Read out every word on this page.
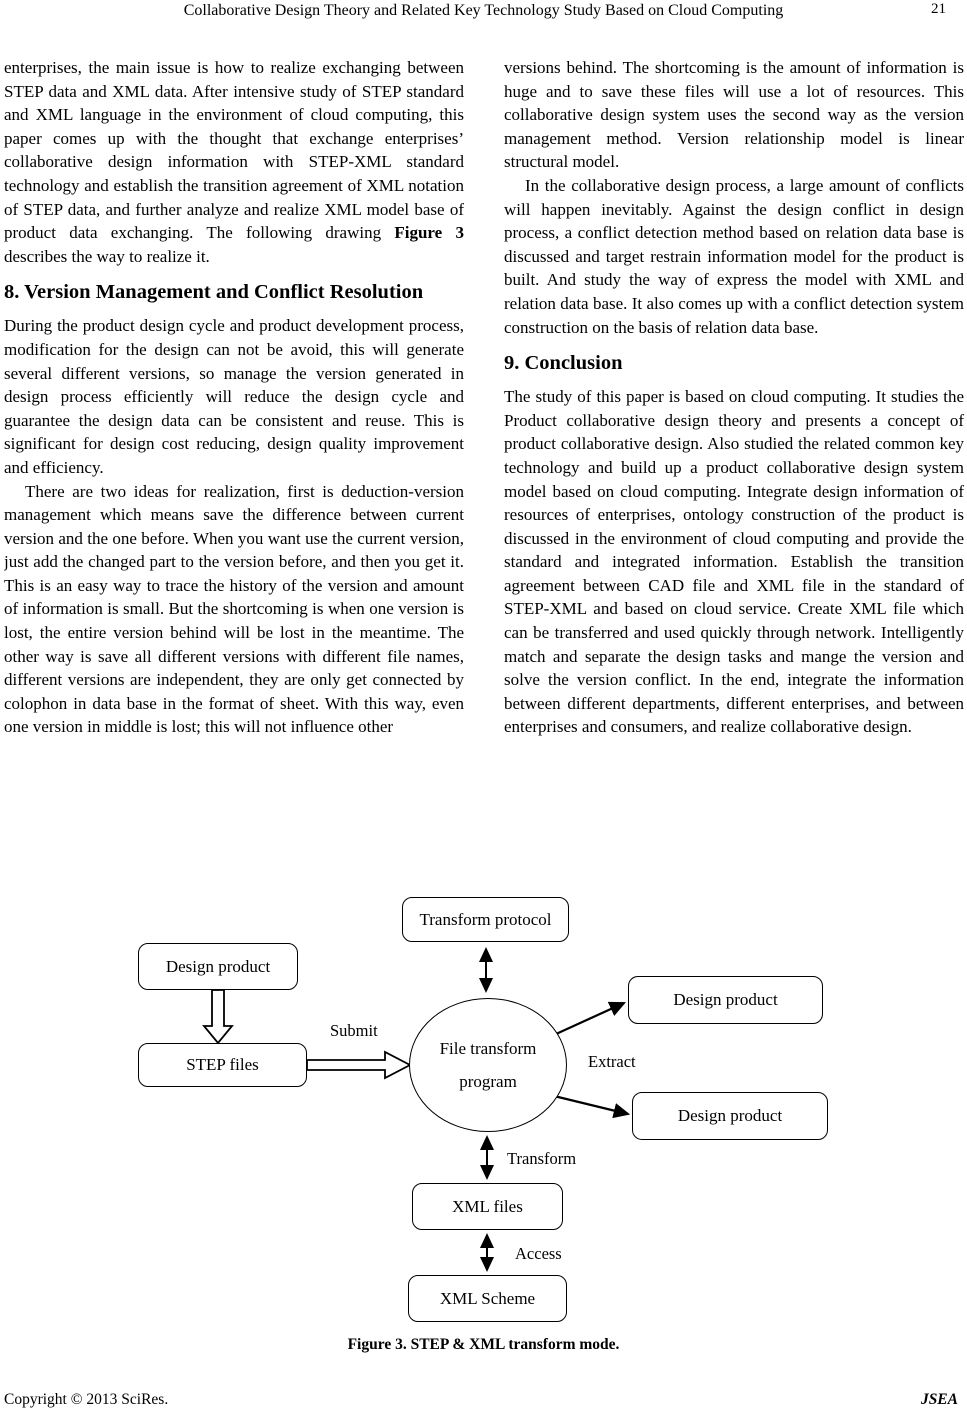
Collaborative Design Theory and Related Key Technology Study Based on Cloud Computing	21

enterprises, the main issue is how to realize exchanging between STEP data and XML data. After intensive study of STEP standard and XML language in the environment of cloud computing, this paper comes up with the thought that exchange enterprises’ collaborative design information with STEP-XML standard technology and establish the transition agreement of XML notation of STEP data, and further analyze and realize XML model base of product data exchanging. The following drawing Figure 3 describes the way to realize it.

8. Version Management and Conflict Resolution

During the product design cycle and product development process, modification for the design can not be avoid, this will generate several different versions, so manage the version generated in design process efficiently will reduce the design cycle and guarantee the design data can be consistent and reuse. This is significant for design cost reducing, design quality improvement and efficiency.

There are two ideas for realization, first is deduction-version management which means save the difference between current version and the one before. When you want use the current version, just add the changed part to the version before, and then you get it. This is an easy way to trace the history of the version and amount of information is small. But the shortcoming is when one version is lost, the entire version behind will be lost in the meantime. The other way is save all different versions with different file names, different versions are independent, they are only get connected by colophon in data base in the format of sheet. With this way, even one version in middle is lost; this will not influence other

versions behind. The shortcoming is the amount of information is huge and to save these files will use a lot of resources. This collaborative design system uses the second way as the version management method. Version relationship model is linear structural model.

In the collaborative design process, a large amount of conflicts will happen inevitably. Against the design conflict in design process, a conflict detection method based on relation data base is discussed and target restrain information model for the product is built. And study the way of express the model with XML and relation data base. It also comes up with a conflict detection system construction on the basis of relation data base.

9. Conclusion

The study of this paper is based on cloud computing. It studies the Product collaborative design theory and presents a concept of product collaborative design. Also studied the related common key technology and build up a product collaborative design system model based on cloud computing. Integrate design information of resources of enterprises, ontology construction of the product is discussed in the environment of cloud computing and provide the standard and integrated information. Establish the transition agreement between CAD file and XML file in the standard of STEP-XML and based on cloud service. Create XML file which can be transferred and used quickly through network. Intelligently match and separate the design tasks and mange the version and solve the version conflict. In the end, integrate the information between different departments, different enterprises, and between enterprises and consumers, and realize collaborative design.

Transform protocol
Design product
STEP files
File transform
program
Design product
Design product
XML files
XML Scheme
Submit
Extract
Transform
Access
Figure 3. STEP & XML transform mode.
Copyright © 2013 SciRes.	JSEA
